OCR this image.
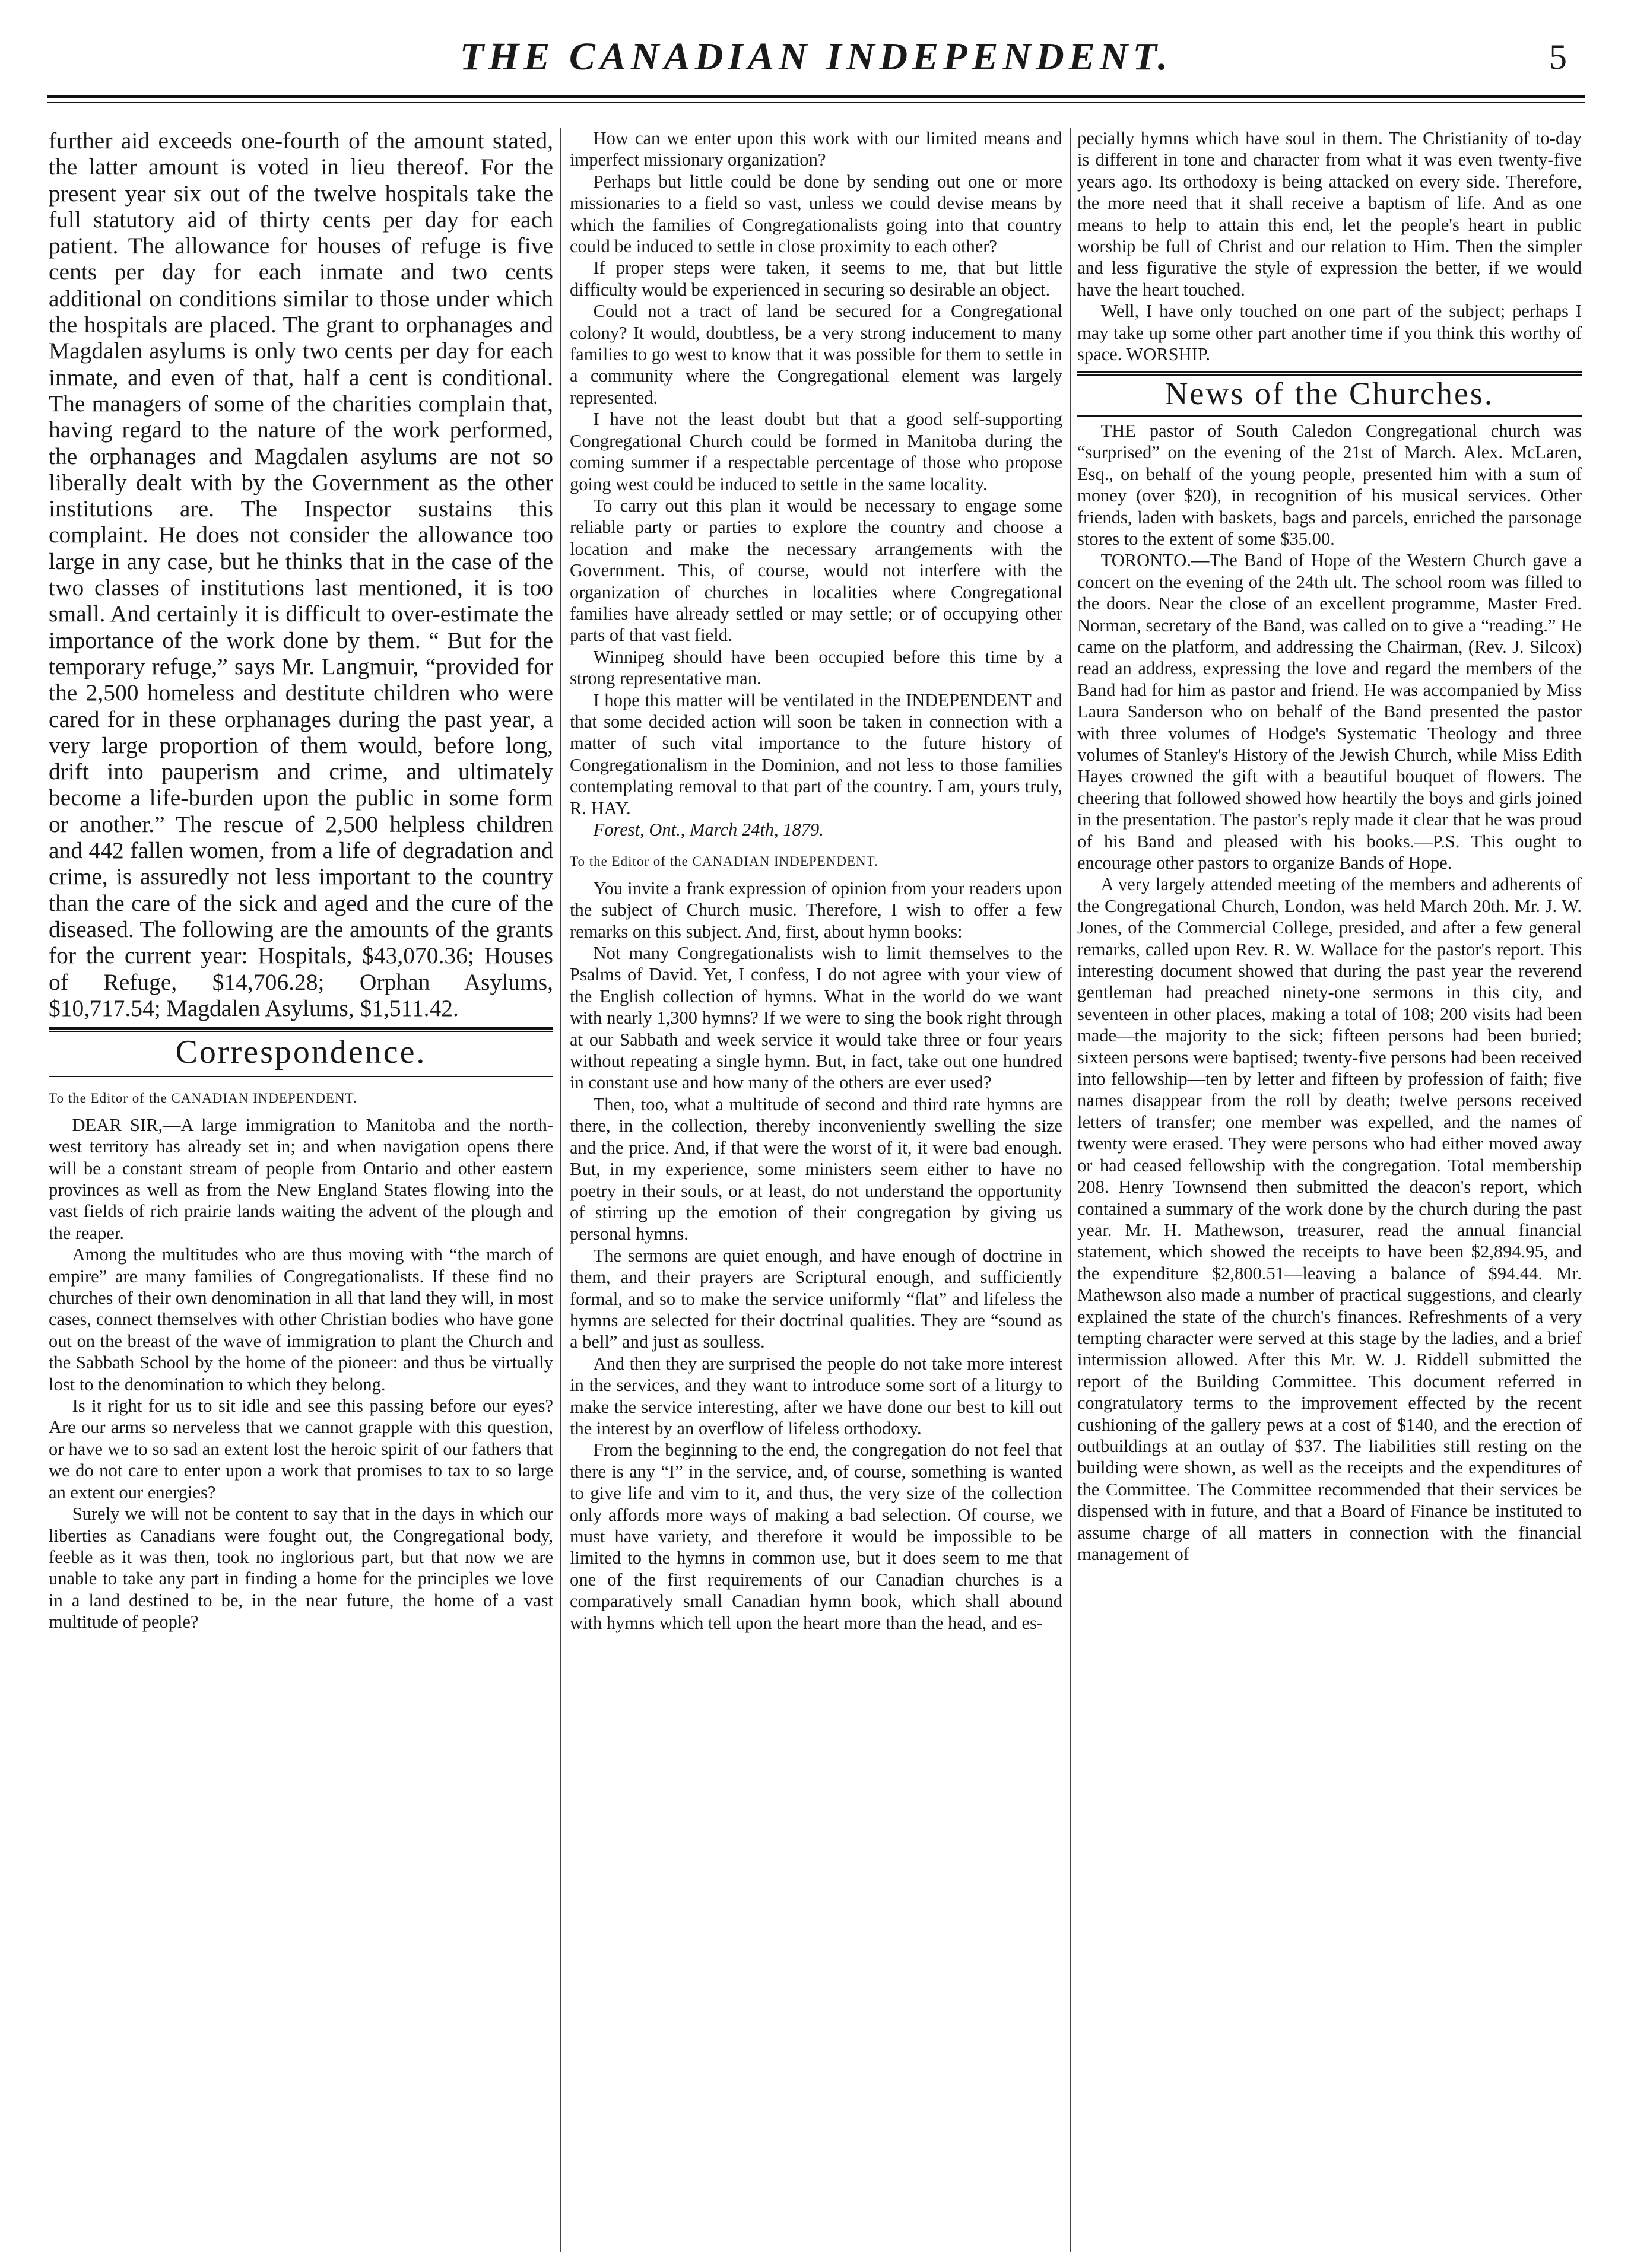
THE CANADIAN INDEPENDENT.	5

further aid exceeds one-fourth of the amount stated, the latter amount is voted in lieu thereof. For the present year six out of the twelve hospitals take the full statutory aid of thirty cents per day for each patient. The allowance for houses of refuge is five cents per day for each inmate and two cents additional on conditions similar to those under which the hospitals are placed. The grant to orphanages and Magdalen asylums is only two cents per day for each inmate, and even of that, half a cent is conditional. The managers of some of the charities complain that, having regard to the nature of the work performed, the orphanages and Magdalen asylums are not so liberally dealt with by the Government as the other institutions are. The Inspector sustains this complaint. He does not consider the allowance too large in any case, but he thinks that in the case of the two classes of institutions last mentioned, it is too small. And certainly it is difficult to over-estimate the importance of the work done by them. “ But for the temporary refuge,” says Mr. Langmuir, “provided for the 2,500 homeless and destitute children who were cared for in these orphanages during the past year, a very large proportion of them would, before long, drift into pauperism and crime, and ultimately become a life-burden upon the public in some form or another.” The rescue of 2,500 helpless children and 442 fallen women, from a life of degradation and crime, is assuredly not less important to the country than the care of the sick and aged and the cure of the diseased. The following are the amounts of the grants for the current year: Hospitals, $43,070.36; Houses of Refuge, $14,706.28; Orphan Asylums, $10,717.54; Magdalen Asylums, $1,511.42.

Correspondence.

To the Editor of the CANADIAN INDEPENDENT.

DEAR SIR,—A large immigration to Manitoba and the north-west territory has already set in; and when navigation opens there will be a constant stream of people from Ontario and other eastern provinces as well as from the New England States flowing into the vast fields of rich prairie lands waiting the advent of the plough and the reaper.

Among the multitudes who are thus moving with “the march of empire” are many families of Congregationalists. If these find no churches of their own denomination in all that land they will, in most cases, connect themselves with other Christian bodies who have gone out on the breast of the wave of immigration to plant the Church and the Sabbath School by the home of the pioneer: and thus be virtually lost to the denomination to which they belong.

Is it right for us to sit idle and see this passing before our eyes? Are our arms so nerveless that we cannot grapple with this question, or have we to so sad an extent lost the heroic spirit of our fathers that we do not care to enter upon a work that promises to tax to so large an extent our energies?

Surely we will not be content to say that in the days in which our liberties as Canadians were fought out, the Congregational body, feeble as it was then, took no inglorious part, but that now we are unable to take any part in finding a home for the principles we love in a land destined to be, in the near future, the home of a vast multitude of people?

How can we enter upon this work with our limited means and imperfect missionary organization?

Perhaps but little could be done by sending out one or more missionaries to a field so vast, unless we could devise means by which the families of Congregationalists going into that country could be induced to settle in close proximity to each other?

If proper steps were taken, it seems to me, that but little difficulty would be experienced in securing so desirable an object.

Could not a tract of land be secured for a Congregational colony? It would, doubtless, be a very strong inducement to many families to go west to know that it was possible for them to settle in a community where the Congregational element was largely represented.

I have not the least doubt but that a good self-supporting Congregational Church could be formed in Manitoba during the coming summer if a respectable percentage of those who propose going west could be induced to settle in the same locality.

To carry out this plan it would be necessary to engage some reliable party or parties to explore the country and choose a location and make the necessary arrangements with the Government. This, of course, would not interfere with the organization of churches in localities where Congregational families have already settled or may settle; or of occupying other parts of that vast field.

Winnipeg should have been occupied before this time by a strong representative man.

I hope this matter will be ventilated in the INDEPENDENT and that some decided action will soon be taken in connection with a matter of such vital importance to the future history of Congregationalism in the Dominion, and not less to those families contemplating removal to that part of the country. I am, yours truly, R. HAY.

Forest, Ont., March 24th, 1879.

To the Editor of the CANADIAN INDEPENDENT.

You invite a frank expression of opinion from your readers upon the subject of Church music. Therefore, I wish to offer a few remarks on this subject. And, first, about hymn books:

Not many Congregationalists wish to limit themselves to the Psalms of David. Yet, I confess, I do not agree with your view of the English collection of hymns. What in the world do we want with nearly 1,300 hymns? If we were to sing the book right through at our Sabbath and week service it would take three or four years without repeating a single hymn. But, in fact, take out one hundred in constant use and how many of the others are ever used?

Then, too, what a multitude of second and third rate hymns are there, in the collection, thereby inconveniently swelling the size and the price. And, if that were the worst of it, it were bad enough. But, in my experience, some ministers seem either to have no poetry in their souls, or at least, do not understand the opportunity of stirring up the emotion of their congregation by giving us personal hymns.

The sermons are quiet enough, and have enough of doctrine in them, and their prayers are Scriptural enough, and sufficiently formal, and so to make the service uniformly “flat” and lifeless the hymns are selected for their doctrinal qualities. They are “sound as a bell” and just as soulless.

And then they are surprised the people do not take more interest in the services, and they want to introduce some sort of a liturgy to make the service interesting, after we have done our best to kill out the interest by an overflow of lifeless orthodoxy.

From the beginning to the end, the congregation do not feel that there is any “I” in the service, and, of course, something is wanted to give life and vim to it, and thus, the very size of the collection only affords more ways of making a bad selection. Of course, we must have variety, and therefore it would be impossible to be limited to the hymns in common use, but it does seem to me that one of the first requirements of our Canadian churches is a comparatively small Canadian hymn book, which shall abound with hymns which tell upon the heart more than the head, and es-

pecially hymns which have soul in them. The Christianity of to-day is different in tone and character from what it was even twenty-five years ago. Its orthodoxy is being attacked on every side. Therefore, the more need that it shall receive a baptism of life. And as one means to help to attain this end, let the people's heart in public worship be full of Christ and our relation to Him. Then the simpler and less figurative the style of expression the better, if we would have the heart touched.

Well, I have only touched on one part of the subject; perhaps I may take up some other part another time if you think this worthy of space. WORSHIP.

News of the Churches.

THE pastor of South Caledon Congregational church was “surprised” on the evening of the 21st of March. Alex. McLaren, Esq., on behalf of the young people, presented him with a sum of money (over $20), in recognition of his musical services. Other friends, laden with baskets, bags and parcels, enriched the parsonage stores to the extent of some $35.00.

TORONTO.—The Band of Hope of the Western Church gave a concert on the evening of the 24th ult. The school room was filled to the doors. Near the close of an excellent programme, Master Fred. Norman, secretary of the Band, was called on to give a “reading.” He came on the platform, and addressing the Chairman, (Rev. J. Silcox) read an address, expressing the love and regard the members of the Band had for him as pastor and friend. He was accompanied by Miss Laura Sanderson who on behalf of the Band presented the pastor with three volumes of Hodge's Systematic Theology and three volumes of Stanley's History of the Jewish Church, while Miss Edith Hayes crowned the gift with a beautiful bouquet of flowers. The cheering that followed showed how heartily the boys and girls joined in the presentation. The pastor's reply made it clear that he was proud of his Band and pleased with his books.—P.S. This ought to encourage other pastors to organize Bands of Hope.

A very largely attended meeting of the members and adherents of the Congregational Church, London, was held March 20th. Mr. J. W. Jones, of the Commercial College, presided, and after a few general remarks, called upon Rev. R. W. Wallace for the pastor's report. This interesting document showed that during the past year the reverend gentleman had preached ninety-one sermons in this city, and seventeen in other places, making a total of 108; 200 visits had been made—the majority to the sick; fifteen persons had been buried; sixteen persons were baptised; twenty-five persons had been received into fellowship—ten by letter and fifteen by profession of faith; five names disappear from the roll by death; twelve persons received letters of transfer; one member was expelled, and the names of twenty were erased. They were persons who had either moved away or had ceased fellowship with the congregation. Total membership 208. Henry Townsend then submitted the deacon's report, which contained a summary of the work done by the church during the past year. Mr. H. Mathewson, treasurer, read the annual financial statement, which showed the receipts to have been $2,894.95, and the expenditure $2,800.51—leaving a balance of $94.44. Mr. Mathewson also made a number of practical suggestions, and clearly explained the state of the church's finances. Refreshments of a very tempting character were served at this stage by the ladies, and a brief intermission allowed. After this Mr. W. J. Riddell submitted the report of the Building Committee. This document referred in congratulatory terms to the improvement effected by the recent cushioning of the gallery pews at a cost of $140, and the erection of outbuildings at an outlay of $37. The liabilities still resting on the building were shown, as well as the receipts and the expenditures of the Committee. The Committee recommended that their services be dispensed with in future, and that a Board of Finance be instituted to assume charge of all matters in connection with the financial management of
